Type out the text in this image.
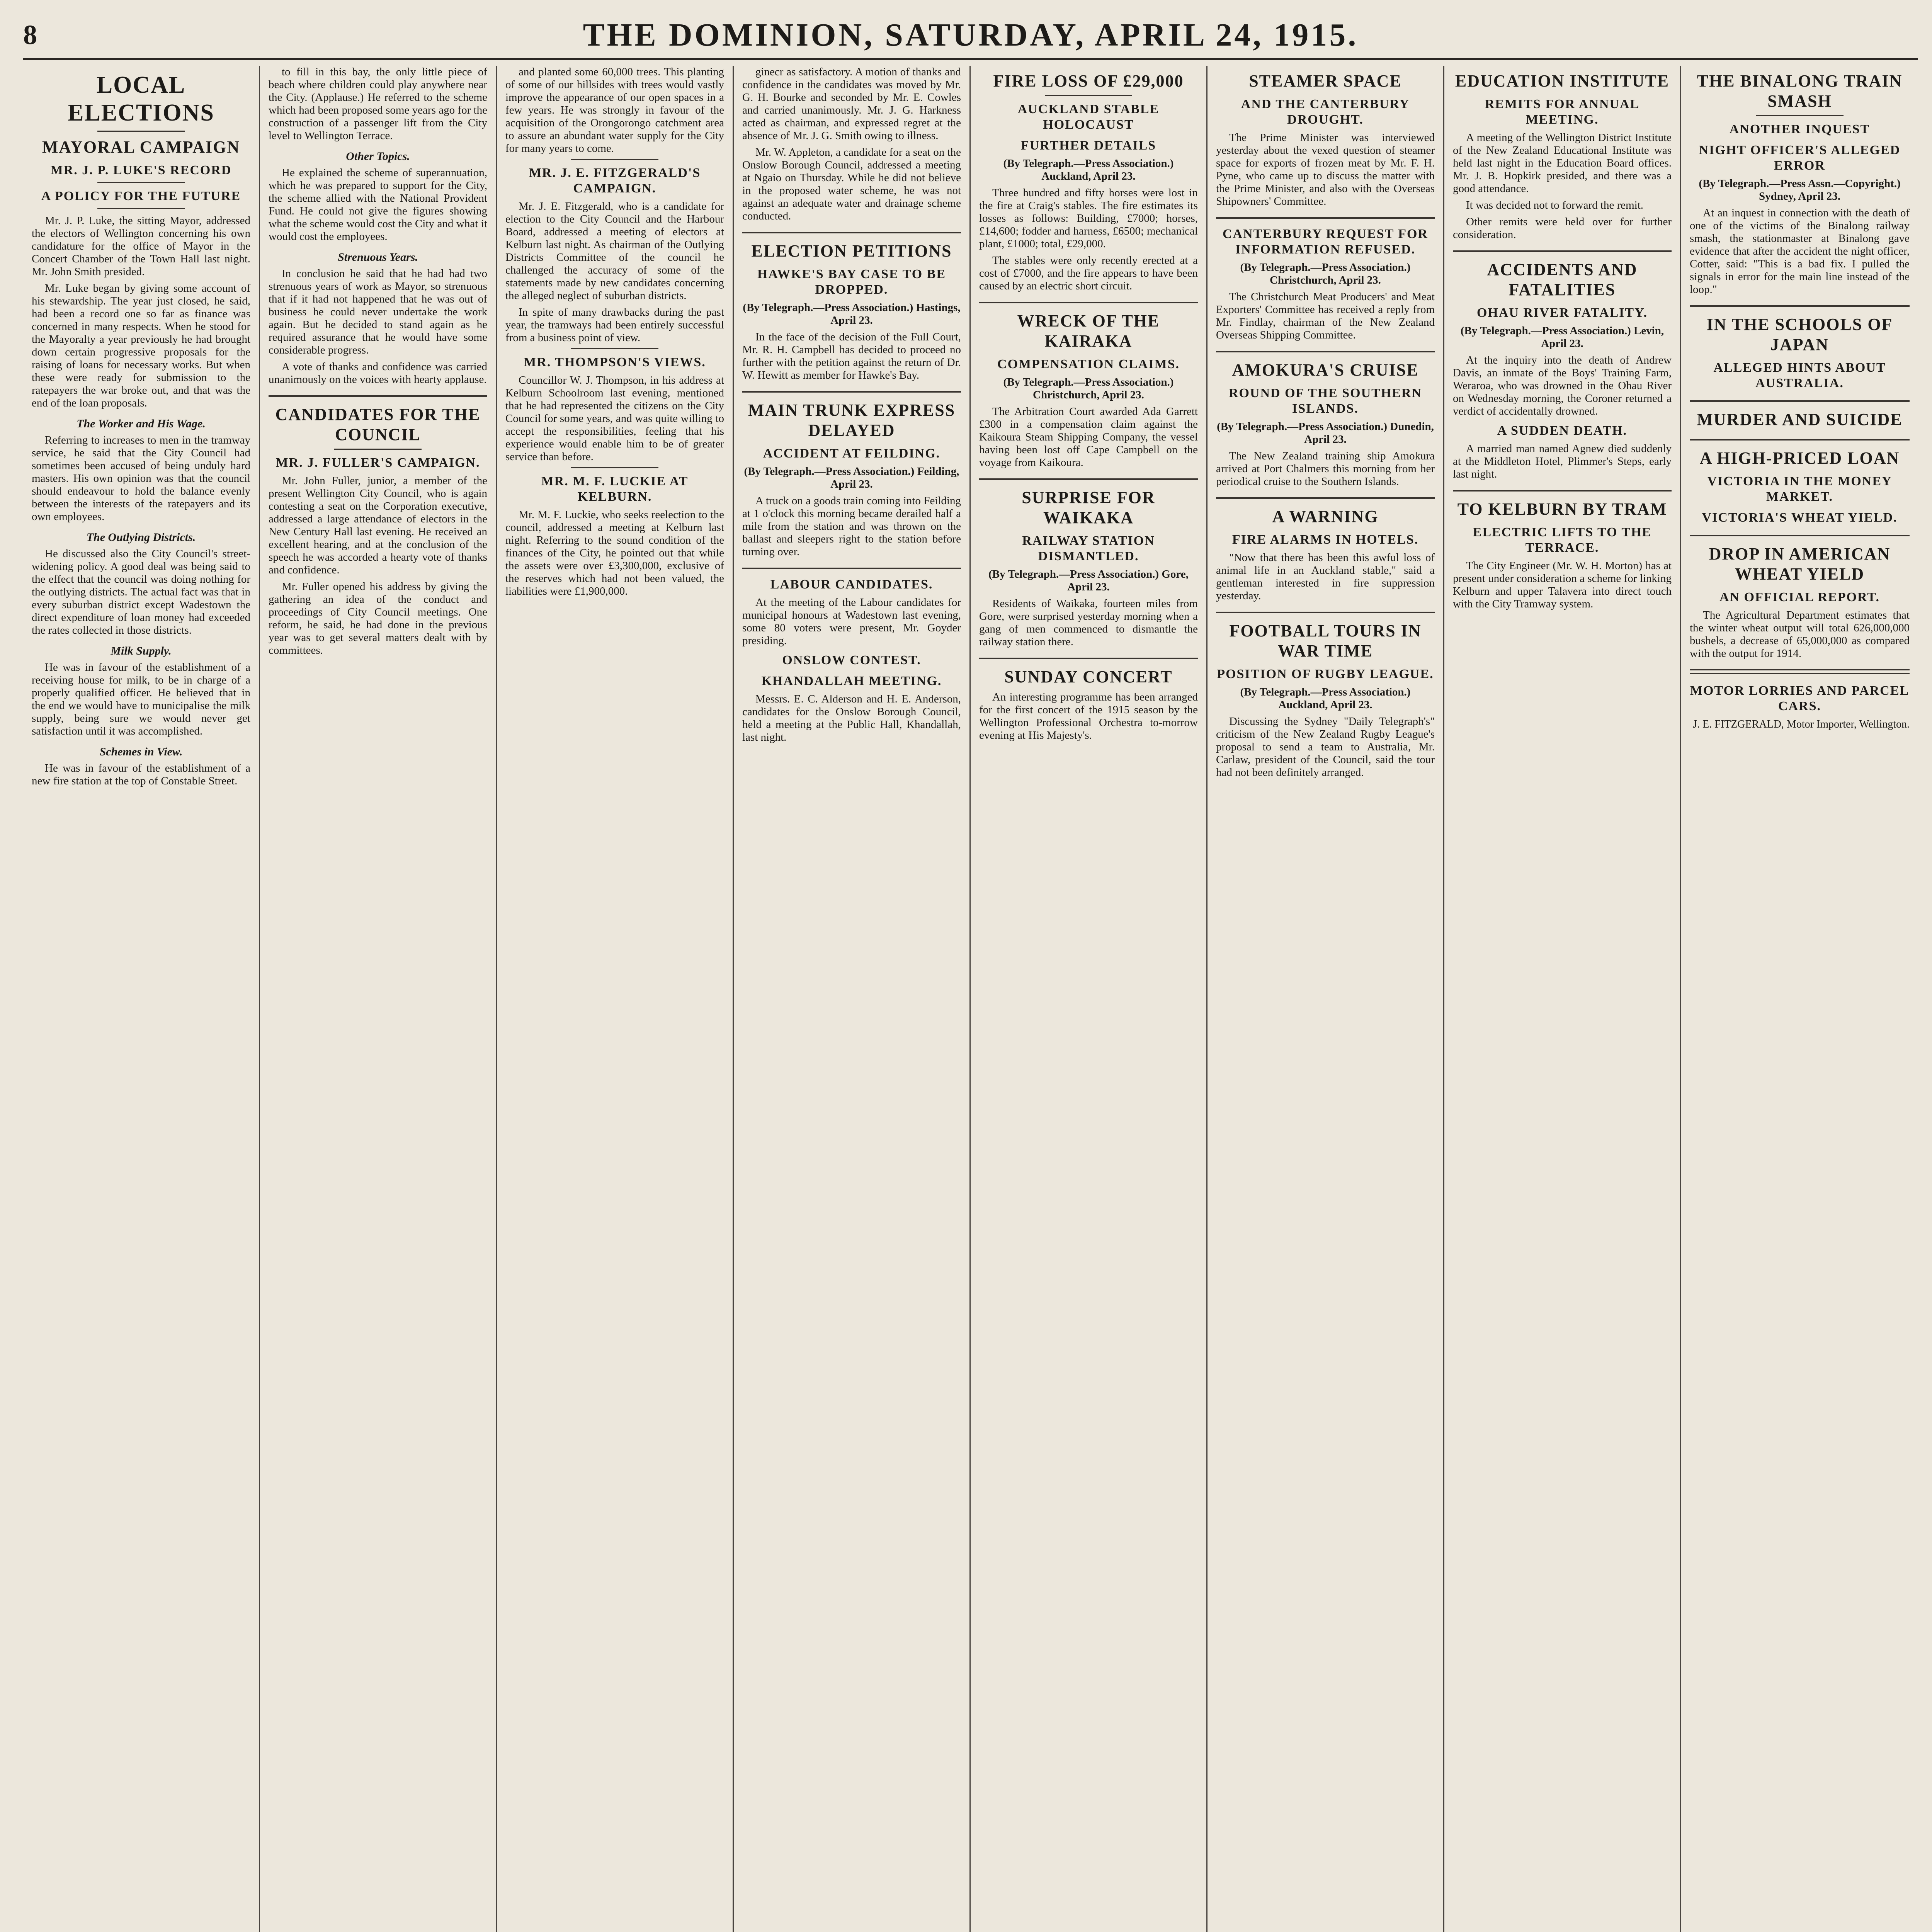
8	THE DOMINION, SATURDAY, APRIL 24, 1915.
LOCAL ELECTIONS
MAYORAL CAMPAIGN
MR. J. P. LUKE'S RECORD
A POLICY FOR THE FUTURE

Mr. J. P. Luke, the sitting Mayor, addressed the electors of Wellington concerning his own candidature for the office of Mayor in the Concert Chamber of the Town Hall last night. Mr. John Smith presided.

Mr. Luke began by giving some account of his stewardship. The year just closed, he said, had been a record one so far as finance was concerned in many respects. When he stood for the Mayoralty a year previously he had brought down certain progressive proposals for the raising of loans for necessary works. But when these were ready for submission to the ratepayers the war broke out, and that was the end of the loan proposals.

The Worker and His Wage.

Referring to increases to men in the tramway service, he said that the City Council had sometimes been accused of being unduly hard masters. His own opinion was that the council should endeavour to hold the balance evenly between the interests of the ratepayers and its own employees.

The Outlying Districts.

He discussed also the City Council's street-widening policy. A good deal was being said to the effect that the council was doing nothing for the outlying districts. The actual fact was that in every suburban district except Wadestown the direct expenditure of loan money had exceeded the rates collected in those districts.

Milk Supply.

He was in favour of the establishment of a receiving house for milk, to be in charge of a properly qualified officer. He believed that in the end we would have to municipalise the milk supply, being sure we would never get satisfaction until it was accomplished.

Schemes in View.

He was in favour of the establishment of a new fire station at the top of Constable Street.

to fill in this bay, the only little piece of beach where children could play anywhere near the City. (Applause.) He referred to the scheme which had been proposed some years ago for the construction of a passenger lift from the City level to Wellington Terrace.

Other Topics.

He explained the scheme of superannuation, which he was prepared to support for the City, the scheme allied with the National Provident Fund. He could not give the figures showing what the scheme would cost the City and what it would cost the employees.

Strenuous Years.

In conclusion he said that he had had two strenuous years of work as Mayor, so strenuous that if it had not happened that he was out of business he could never undertake the work again. But he decided to stand again as he required assurance that he would have some considerable progress.

A vote of thanks and confidence was carried unanimously on the voices with hearty applause.

CANDIDATES FOR THE COUNCIL
MR. J. FULLER'S CAMPAIGN.

Mr. John Fuller, junior, a member of the present Wellington City Council, who is again contesting a seat on the Corporation executive, addressed a large attendance of electors in the New Century Hall last evening. He received an excellent hearing, and at the conclusion of the speech he was accorded a hearty vote of thanks and confidence.

Mr. Fuller opened his address by giving the gathering an idea of the conduct and proceedings of City Council meetings. One reform, he said, he had done in the previous year was to get several matters dealt with by committees.

and planted some 60,000 trees. This planting of some of our hillsides with trees would vastly improve the appearance of our open spaces in a few years. He was strongly in favour of the acquisition of the Orongorongo catchment area to assure an abundant water supply for the City for many years to come.

MR. J. E. FITZGERALD'S CAMPAIGN.

Mr. J. E. Fitzgerald, who is a candidate for election to the City Council and the Harbour Board, addressed a meeting of electors at Kelburn last night. As chairman of the Outlying Districts Committee of the council he challenged the accuracy of some of the statements made by new candidates concerning the alleged neglect of suburban districts.

In spite of many drawbacks during the past year, the tramways had been entirely successful from a business point of view.

MR. THOMPSON'S VIEWS.

Councillor W. J. Thompson, in his address at Kelburn Schoolroom last evening, mentioned that he had represented the citizens on the City Council for some years, and was quite willing to accept the responsibilities, feeling that his experience would enable him to be of greater service than before.

MR. M. F. LUCKIE AT KELBURN.

Mr. M. F. Luckie, who seeks reelection to the council, addressed a meeting at Kelburn last night. Referring to the sound condition of the finances of the City, he pointed out that while the assets were over £3,300,000, exclusive of the reserves which had not been valued, the liabilities were £1,900,000.

ginecr as satisfactory. A motion of thanks and confidence in the candidates was moved by Mr. G. H. Bourke and seconded by Mr. E. Cowles and carried unanimously. Mr. J. G. Harkness acted as chairman, and expressed regret at the absence of Mr. J. G. Smith owing to illness.

Mr. W. Appleton, a candidate for a seat on the Onslow Borough Council, addressed a meeting at Ngaio on Thursday. While he did not believe in the proposed water scheme, he was not against an adequate water and drainage scheme conducted.

ELECTION PETITIONS
HAWKE'S BAY CASE TO BE DROPPED.
(By Telegraph.—Press Association.) Hastings, April 23.

In the face of the decision of the Full Court, Mr. R. H. Campbell has decided to proceed no further with the petition against the return of Dr. W. Hewitt as member for Hawke's Bay.

MAIN TRUNK EXPRESS DELAYED
ACCIDENT AT FEILDING.
(By Telegraph.—Press Association.) Feilding, April 23.

A truck on a goods train coming into Feilding at 1 o'clock this morning became derailed half a mile from the station and was thrown on the ballast and sleepers right to the station before turning over.

LABOUR CANDIDATES.

At the meeting of the Labour candidates for municipal honours at Wadestown last evening, some 80 voters were present, Mr. Goyder presiding.

ONSLOW CONTEST.
KHANDALLAH MEETING.

Messrs. E. C. Alderson and H. E. Anderson, candidates for the Onslow Borough Council, held a meeting at the Public Hall, Khandallah, last night.

FIRE LOSS OF £29,000
AUCKLAND STABLE HOLOCAUST
FURTHER DETAILS
(By Telegraph.—Press Association.) Auckland, April 23.

Three hundred and fifty horses were lost in the fire at Craig's stables. The fire estimates its losses as follows: Building, £7000; horses, £14,600; fodder and harness, £6500; mechanical plant, £1000; total, £29,000.

The stables were only recently erected at a cost of £7000, and the fire appears to have been caused by an electric short circuit.

WRECK OF THE KAIRAKA
COMPENSATION CLAIMS.
(By Telegraph.—Press Association.) Christchurch, April 23.

The Arbitration Court awarded Ada Garrett £300 in a compensation claim against the Kaikoura Steam Shipping Company, the vessel having been lost off Cape Campbell on the voyage from Kaikoura.

SURPRISE FOR WAIKAKA
RAILWAY STATION DISMANTLED.
(By Telegraph.—Press Association.) Gore, April 23.

Residents of Waikaka, fourteen miles from Gore, were surprised yesterday morning when a gang of men commenced to dismantle the railway station there.

SUNDAY CONCERT

An interesting programme has been arranged for the first concert of the 1915 season by the Wellington Professional Orchestra to-morrow evening at His Majesty's.

STEAMER SPACE
AND THE CANTERBURY DROUGHT.

The Prime Minister was interviewed yesterday about the vexed question of steamer space for exports of frozen meat by Mr. F. H. Pyne, who came up to discuss the matter with the Prime Minister, and also with the Overseas Shipowners' Committee.

CANTERBURY REQUEST FOR INFORMATION REFUSED.
(By Telegraph.—Press Association.) Christchurch, April 23.

The Christchurch Meat Producers' and Meat Exporters' Committee has received a reply from Mr. Findlay, chairman of the New Zealand Overseas Shipping Committee.

AMOKURA'S CRUISE
ROUND OF THE SOUTHERN ISLANDS.
(By Telegraph.—Press Association.) Dunedin, April 23.

The New Zealand training ship Amokura arrived at Port Chalmers this morning from her periodical cruise to the Southern Islands.

A WARNING
FIRE ALARMS IN HOTELS.

"Now that there has been this awful loss of animal life in an Auckland stable," said a gentleman interested in fire suppression yesterday.

FOOTBALL TOURS IN WAR TIME
POSITION OF RUGBY LEAGUE.
(By Telegraph.—Press Association.) Auckland, April 23.

Discussing the Sydney "Daily Telegraph's" criticism of the New Zealand Rugby League's proposal to send a team to Australia, Mr. Carlaw, president of the Council, said the tour had not been definitely arranged.

EDUCATION INSTITUTE
REMITS FOR ANNUAL MEETING.

A meeting of the Wellington District Institute of the New Zealand Educational Institute was held last night in the Education Board offices. Mr. J. B. Hopkirk presided, and there was a good attendance.

It was decided not to forward the remit.

Other remits were held over for further consideration.

ACCIDENTS AND FATALITIES
OHAU RIVER FATALITY.
(By Telegraph.—Press Association.) Levin, April 23.

At the inquiry into the death of Andrew Davis, an inmate of the Boys' Training Farm, Weraroa, who was drowned in the Ohau River on Wednesday morning, the Coroner returned a verdict of accidentally drowned.

A SUDDEN DEATH.

A married man named Agnew died suddenly at the Middleton Hotel, Plimmer's Steps, early last night.

TO KELBURN BY TRAM
ELECTRIC LIFTS TO THE TERRACE.

The City Engineer (Mr. W. H. Morton) has at present under consideration a scheme for linking Kelburn and upper Talavera into direct touch with the City Tramway system.

THE BINALONG TRAIN SMASH
ANOTHER INQUEST
NIGHT OFFICER'S ALLEGED ERROR
(By Telegraph.—Press Assn.—Copyright.) Sydney, April 23.

At an inquest in connection with the death of one of the victims of the Binalong railway smash, the stationmaster at Binalong gave evidence that after the accident the night officer, Cotter, said: "This is a bad fix. I pulled the signals in error for the main line instead of the loop."

IN THE SCHOOLS OF JAPAN
ALLEGED HINTS ABOUT AUSTRALIA.
MURDER AND SUICIDE
A HIGH-PRICED LOAN
VICTORIA IN THE MONEY MARKET.
VICTORIA'S WHEAT YIELD.
DROP IN AMERICAN WHEAT YIELD
AN OFFICIAL REPORT.

The Agricultural Department estimates that the winter wheat output will total 626,000,000 bushels, a decrease of 65,000,000 as compared with the output for 1914.

MOTOR LORRIES AND PARCEL CARS.
J. E. FITZGERALD, Motor Importer, Wellington.
